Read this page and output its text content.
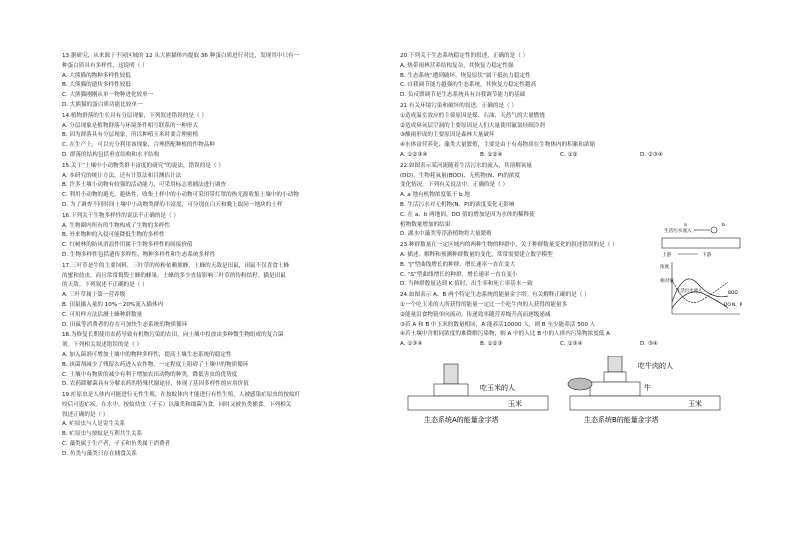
13.据研究，从来源于不同区域的 12 头大熊猫体内提取 36 种蛋白质进行对比，发现其中只有一
种蛋白质具有多样性，这说明（ ）
A. 大熊猫的物种多样性较低
B. 大熊猫的遗传多样性较低
C. 大熊猫刚刚从单一物种进化较单一
D. 大熊猫的蛋白质功能比较单一
14.植物群落的生长具有分层现象，下列叙述错误的是（ ）
A. 分层现象是植物群落与环境条件相互联系的一种形式
B. 因为群落具有分层现象，所以种植玉米时要合理密植
C. 在生产上，可以充分利用该现象，合理搭配种植的作物品种
D. 群落的结构包括垂直结构和水平结构
15.关于“土壤中小动物类群丰富度的研究”的说法，错误的是（ ）
A. 本研究的统计方法，还有计算法和目测估计法
B. 许多土壤小动物有较强的活动能力，可采用标志重捕法进行调查
C. 利用小动物的避光、避热性，收集土样中的小动物可采用带灯罩的热光源收集土壤中的小动物
D. 为了调查不同时间土壤中小动物类群的丰富度，可分别在白天和晚上取同一地块的土样
16.下列关于生物多样性的说法不正确的是（ ）
A. 生物圈内所有的生物构成了生物的多样性
B. 外来物种的入侵可能降低生物的多样性
C. 红树林的防风消浪作用属于生物多样性的间接价值
D. 生物多样性包括遗传多样性、物种多样性和生态系统多样性
17.三叶草是牛的主要饲料，三叶草的传粉依赖熊蜂，土蜂的天敌是田鼠，田鼠不仅喜食土蜂
的蜜和幼虫，而且常常捣毁土蜂的蜂巢。土蜂的多少直接影响三叶草的传粉结籽。猫是田鼠
的天敌。下列叙述不正确的是（ ）
A. 三叶草属于第一营养级
B. 田鼠摄入量的 10%－20%流入猫体内
C. 可用样方法估测土蜂种群数量
D. 田鼠等消费者的存在可加快生态系统的物质循环
18.为修复长期使用农药导致有机物污染的农田，向土壤中投放由多种微生物组成的复合菌
剂。下列相关叙述错误的是（ ）
A. 加入菌剂可增加土壤中的物种多样性，提高土壤生态系统的稳定性
B. 该菌剂减少了残留农药进入农作物，一定程度上阻碍了土壤中的物质循环
C. 土壤中有物质的减少有利于增加农田动物的种类，降低害虫的优势度
D. 农药降解菌具有分解农药的特殊代谢途径，体现了基因多样性的应用价值
19.疟原虫是人体内可能进行无性生殖，在按蚊体内才能进行有性生殖，人被感染疟原虫的按蚊叮
咬后可患疟疾。在水中，按蚊幼虫（孑孓）以藻类和细菌为食，同时又被鱼类捕食。下列相关
叙述正确的是（ ）
A. 疟原虫与人是寄生关系
B. 疟原虫与按蚊是互利共生关系
C. 藻类属于生产者，孑孓和鱼类属于消费者
D. 鱼类与藻类只存在捕食关系
20.下列关于生态系统稳定性的叙述，正确的是（ ）
A. 热带雨林营养结构复杂，其恢复力稳定性强
B. 生态系统“遭到破坏、恢复原状”属于抵抗力稳定性
C. 自我调节能力越强的生态系统，其恢复力稳定性越高
D. 负反馈调节是生态系统具有自我调节能力的基础
21.有关环境污染和破坏的叙述，正确的是（ ）
①造成温室效应的主要原因是煤、石油、天然气的大量燃烧
②造成臭氧层空洞的主要原因是人们大量使用氟氯烃制冷剂
③酸雨形成的主要原因是森林大量破坏
④水体富营养化、藻类大量繁殖，主要是由于有毒物质在生物体内的积累和浓缩
A. ①②③④	B. ①②④	C. ①②	D. ②③④
22.如图表示某河流随着生活污水的流入，其溶解氧量
(DO)、生物耗氧量(BOD)、无机物(N、P)的浓度
变化情况。下列有关说法中，正确的是（ ）
A. a 地有机物浓度低于 b 地
B. 生活污水对无机物(N、P)的浓度变化无影响
C. 在 a、b 两地间，DO 值的增加是因为水体的稀释使
植物数量增加的结果
D. 湖水中藻类等浮游植物将大量繁殖
23.种群数量在一定区域内的两种生物的种群中，关于种群数量变化的叙述错误的是（ ）
A. 描述、解释和预测种群数量的变化，常常需要建立数学模型
B. “J”型曲线增长的种群，增长速率一直在变大
C. “S”型曲线增长的种群，增长速率一直在变小
D. 当种群数量达到 K 值时，出生率和死亡率基本一致
24.如图表示 A、B 两个特定生态系统的能量金字塔。有关解释正确的是（ ）
①一个吃玉米的人所获得的能量一定比一个吃牛肉的人获得的能量多
②能量沿食物链单向流动，传递效率随营养级升高而逐级递减
③若 A 和 B 中玉米的数量相同，A 能养活10000 人，则 B 至少能养活 500 人
④若土壤中含相同浓度的难降解污染物，则 A 中的人比 B 中的人体内污染物浓度低 A
A. ①③④	B. ①②③	C. ①③④	D. ③④
生活污水流入
a	b
上游	下游
浓度
相对值
BOD
DO N、P
生活污水流入
吃玉米的人
玉米
生态系统A的能量金字塔
吃牛肉的人
牛
玉米
生态系统B的能量金字塔
